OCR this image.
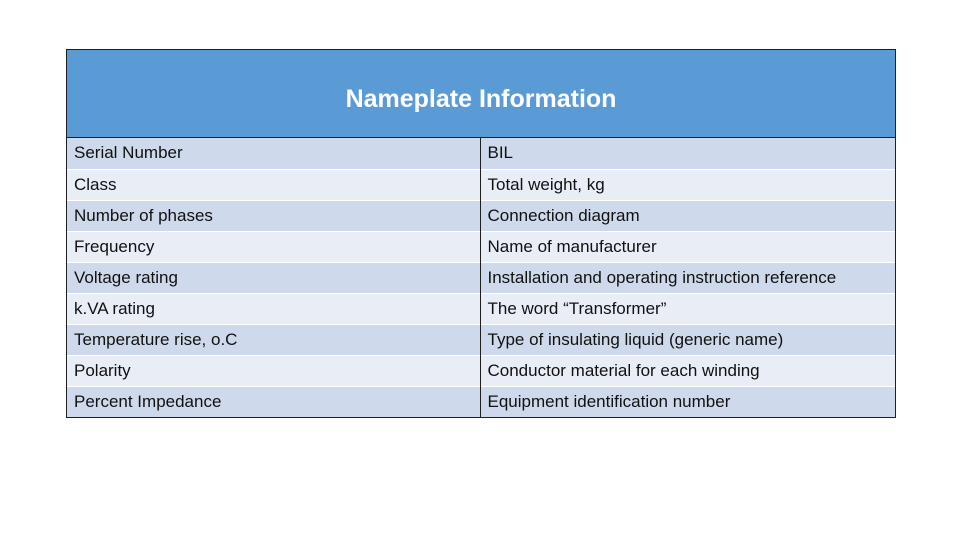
Nameplate Information
Serial Number	BIL
Class	Total weight, kg
Number of phases	Connection diagram
Frequency	Name of manufacturer
Voltage rating	Installation and operating instruction reference
k.VA rating	The word “Transformer”
Temperature rise, o.C	Type of insulating liquid (generic name)
Polarity	Conductor material for each winding
Percent Impedance	Equipment identification number
